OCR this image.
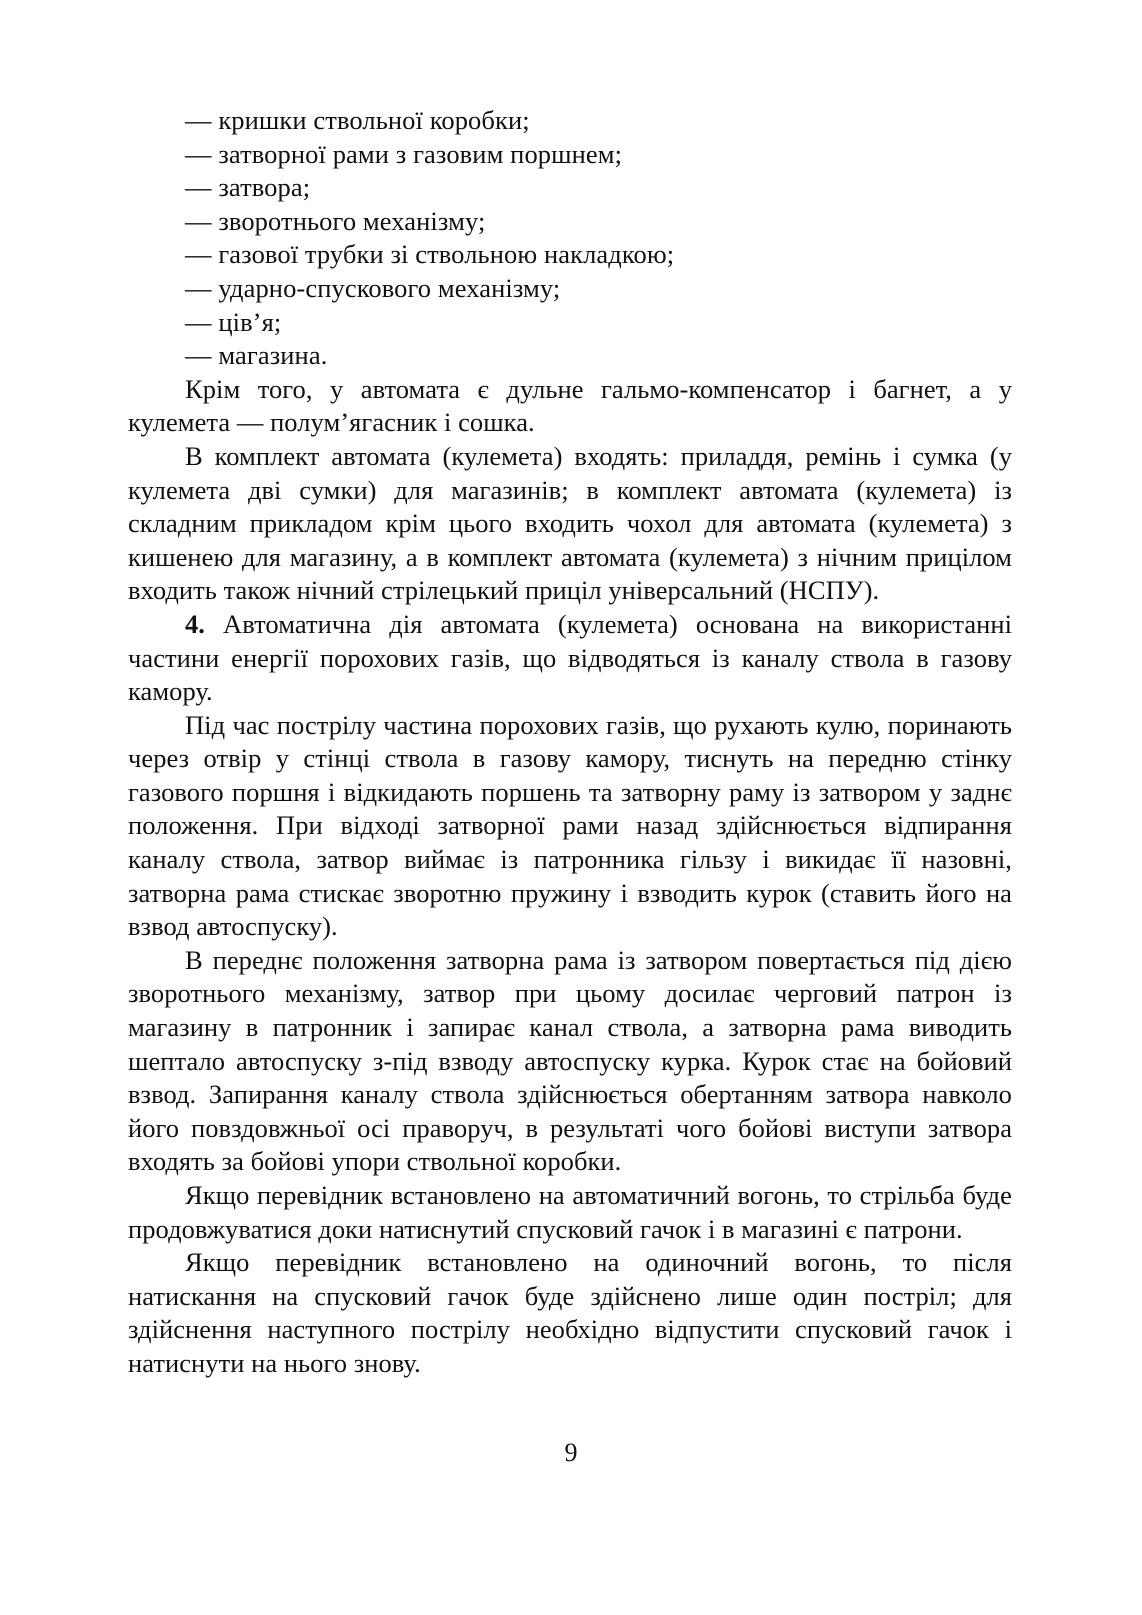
— кришки ствольної коробки;
— затворної рами з газовим поршнем;
— затвора;
— зворотнього механізму;
— газової трубки зі ствольною накладкою;
— ударно-спускового механізму;
— ців’я;
— магазина.

Крім того, у автомата є дульне гальмо-компенсатор і багнет, а у кулемета — полум’ягасник і сошка.

В комплект автомата (кулемета) входять: приладдя, ремінь і сумка (у кулемета дві сумки) для магазинів; в комплект автомата (кулемета) із складним прикладом крім цього входить чохол для автомата (кулемета) з кишенею для магазину, а в комплект автомата (кулемета) з нічним прицілом входить також нічний стрілецький приціл універсальний (НСПУ).

4. Автоматична дія автомата (кулемета) основана на використанні частини енергії порохових газів, що відводяться із каналу ствола в газову камору.

Під час пострілу частина порохових газів, що рухають кулю, поринають через отвір у стінці ствола в газову камору, тиснуть на передню стінку газового поршня і відкидають поршень та затворну раму із затвором у заднє положення. При відході затворної рами назад здійснюється відпирання каналу ствола, затвор виймає із патронника гільзу і викидає її назовні, затворна рама стискає зворотню пружину і взводить курок (ставить його на взвод автоспуску).

В переднє положення затворна рама із затвором повертається під дією зворотнього механізму, затвор при цьому досилає черговий патрон із магазину в патронник і запирає канал ствола, а затворна рама виводить шептало автоспуску з-під взводу автоспуску курка. Курок стає на бойовий взвод. Запирання каналу ствола здійснюється обертанням затвора навколо його повздовжньої осі праворуч, в результаті чого бойові виступи затвора входять за бойові упори ствольної коробки.

Якщо перевідник встановлено на автоматичний вогонь, то стрільба буде продовжуватися доки натиснутий спусковий гачок і в магазині є патрони.

Якщо перевідник встановлено на одиночний вогонь, то після натискання на спусковий гачок буде здійснено лише один постріл; для здійснення наступного пострілу необхідно відпустити спусковий гачок і натиснути на нього знову.

9
